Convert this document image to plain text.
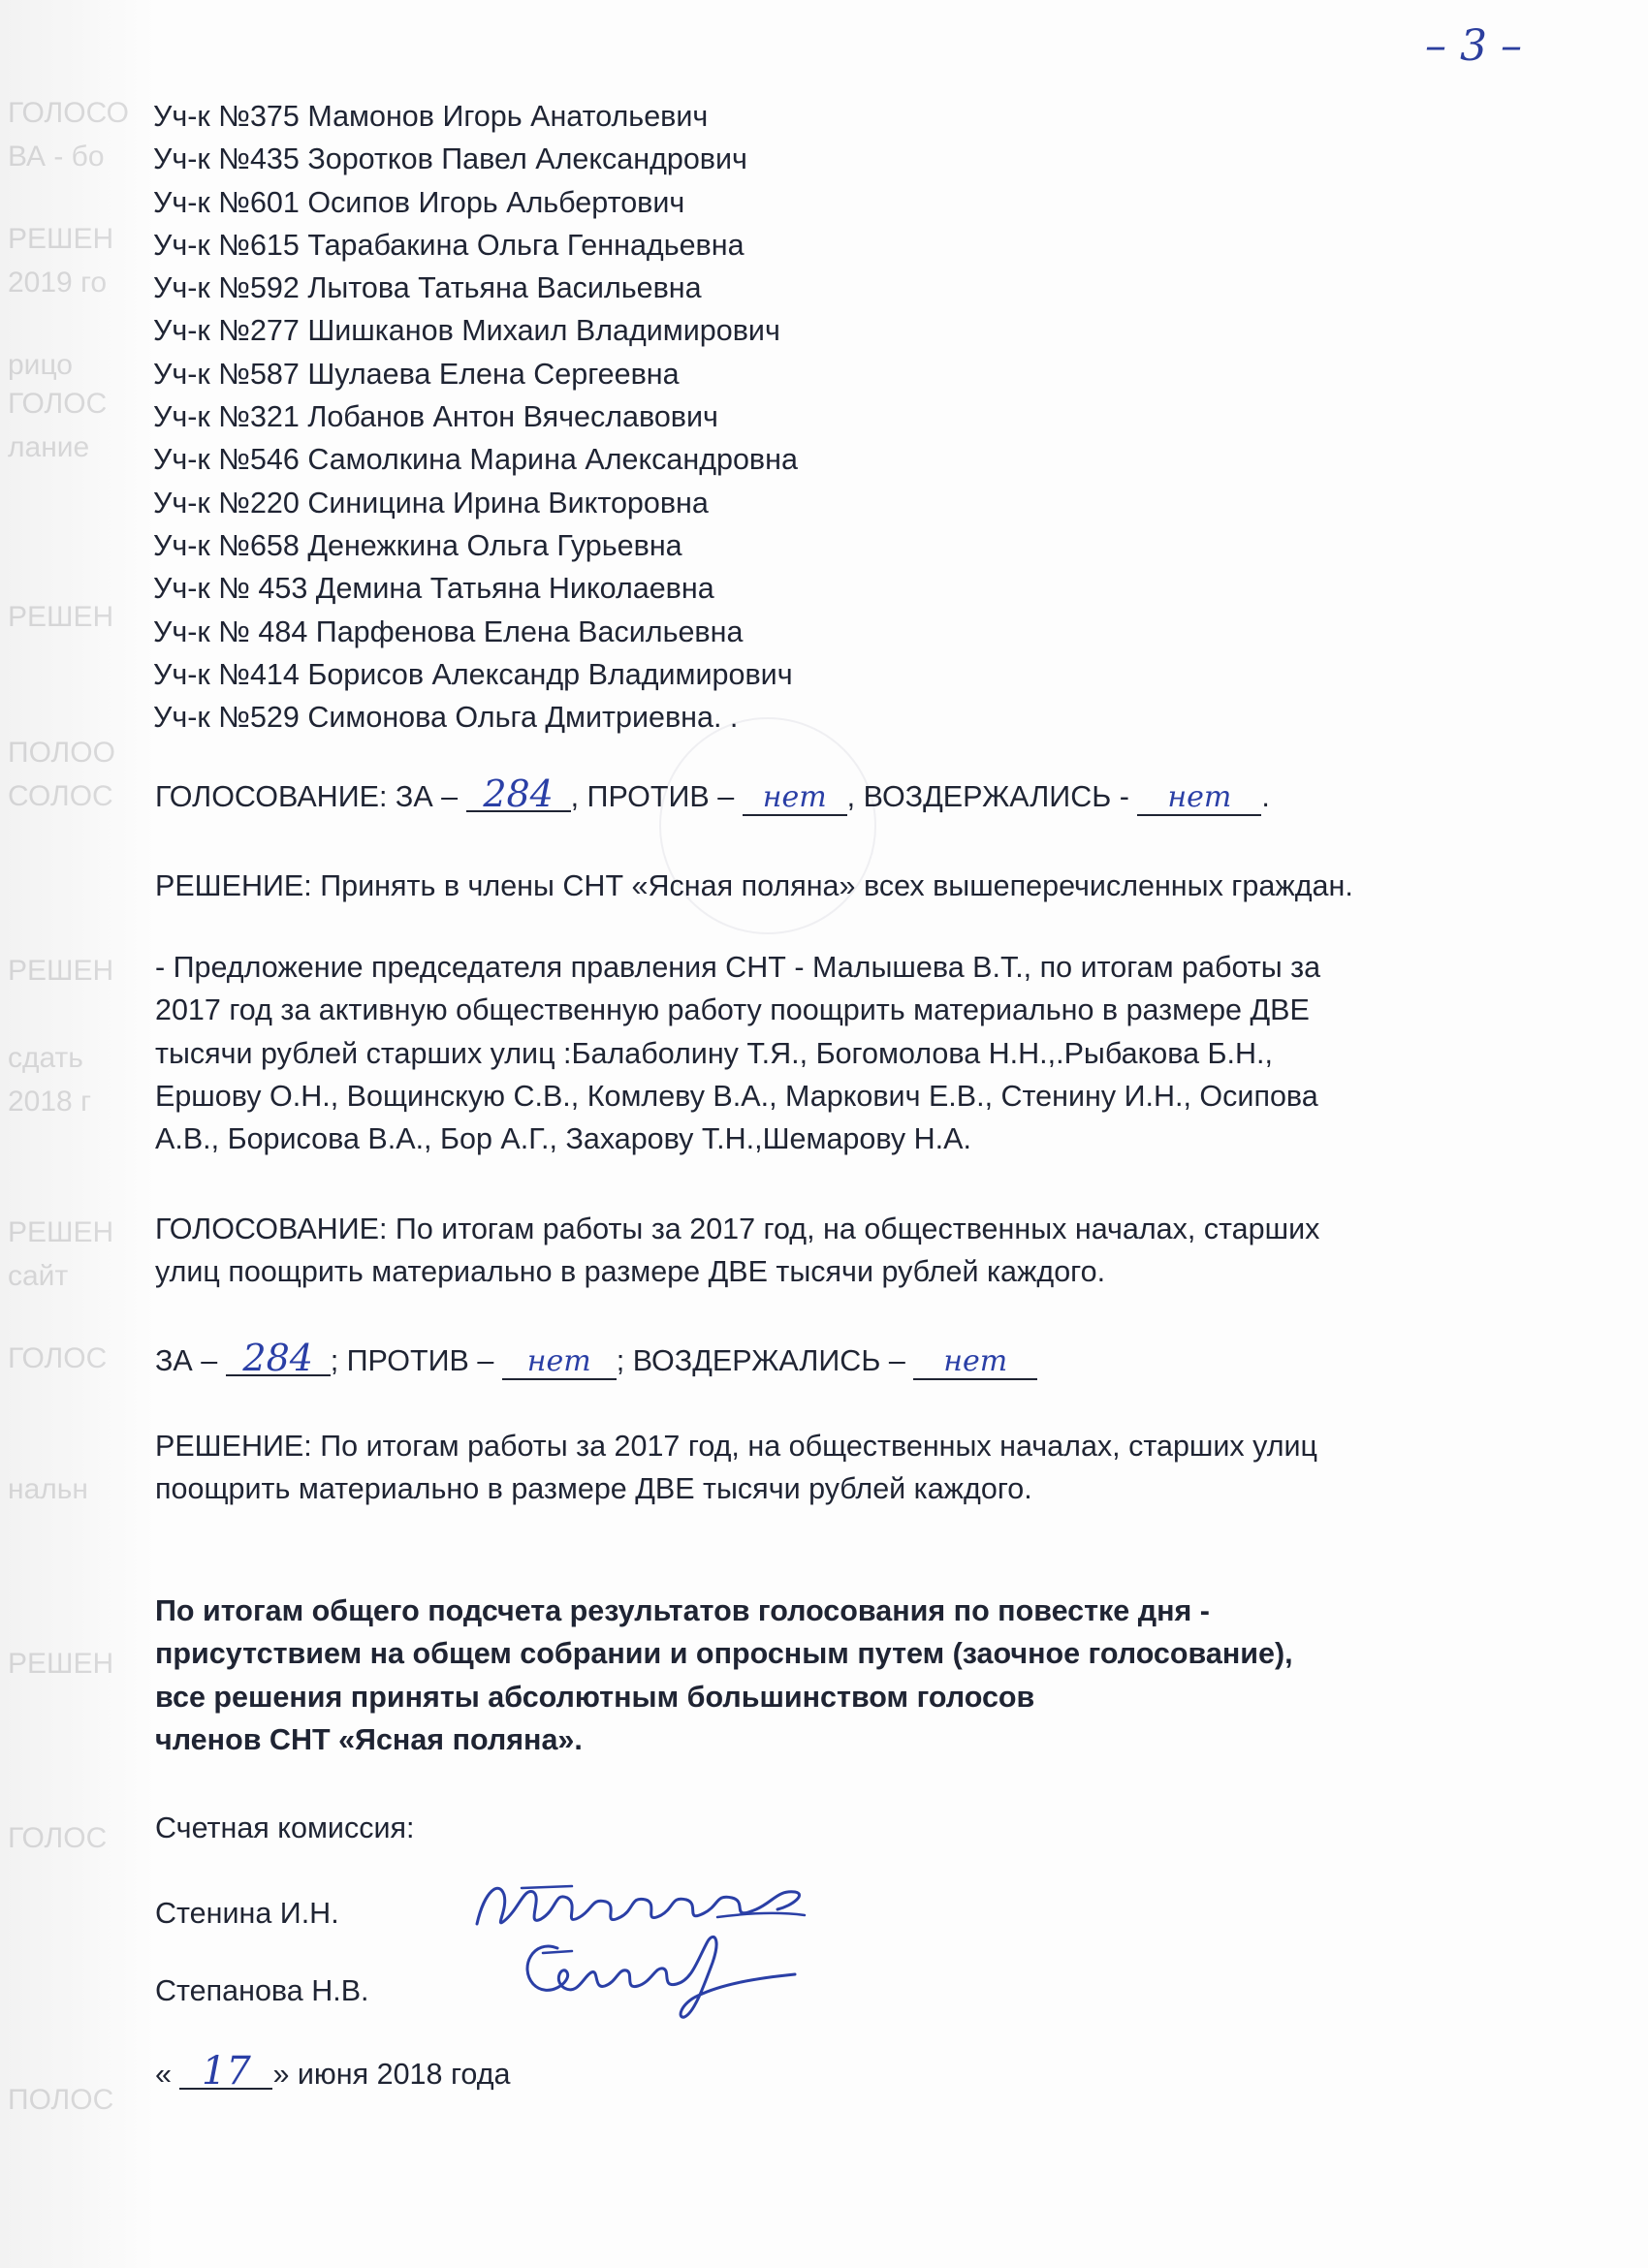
ГОЛОСО
ВА - бо
РЕШЕН
2019 го
рицо
ГОЛОС
лание
РЕШЕН
ПОЛОО
СОЛОС
РЕШЕН
сдать
2018 г
РЕШЕН
сайт
ГОЛОС
нальн
РЕШЕН
ГОЛОС
ПОЛОС
– 3 –
Уч-к №375 Мамонов Игорь Анатольевич
Уч-к №435 Зоротков Павел Александрович
Уч-к №601 Осипов Игорь Альбертович
Уч-к №615 Тарабакина Ольга Геннадьевна
Уч-к №592 Лытова Татьяна Васильевна
Уч-к №277 Шишканов Михаил Владимирович
Уч-к №587 Шулаева Елена Сергеевна
Уч-к №321 Лобанов Антон Вячеславович
Уч-к №546 Самолкина Марина Александровна
Уч-к №220 Синицина Ирина Викторовна
Уч-к №658 Денежкина Ольга Гурьевна
Уч-к № 453 Демина Татьяна Николаевна
Уч-к № 484 Парфенова Елена Васильевна
Уч-к №414 Борисов Александр Владимирович
Уч-к №529 Симонова Ольга Дмитриевна. .
ГОЛОСОВАНИЕ: ЗА – 284 , ПРОТИВ – нет , ВОЗДЕРЖАЛИСЬ - нет .
РЕШЕНИЕ: Принять в члены СНТ «Ясная поляна» всех вышеперечисленных граждан.
- Предложение председателя правления СНТ - Малышева В.Т., по итогам работы за
2017 год за активную общественную работу поощрить материально в размере ДВЕ
тысячи рублей старших улиц :Балаболину Т.Я., Богомолова Н.Н.,.Рыбакова Б.Н.,
Ершову О.Н., Вощинскую С.В., Комлеву В.А., Маркович Е.В., Стенину И.Н., Осипова
А.В., Борисова В.А., Бор А.Г., Захарову Т.Н.,Шемарову Н.А.
ГОЛОСОВАНИЕ: По итогам работы за 2017 год, на общественных началах, старших
улиц поощрить материально в размере ДВЕ тысячи рублей каждого.
ЗА – 284 ; ПРОТИВ – нет ; ВОЗДЕРЖАЛИСЬ – нет
РЕШЕНИЕ: По итогам работы за 2017 год, на общественных началах, старших улиц
поощрить материально в размере ДВЕ тысячи рублей каждого.
По итогам общего подсчета результатов голосования по повестке дня -
присутствием на общем собрании и опросным путем (заочное голосование),
все решения приняты абсолютным большинством голосов
членов СНТ «Ясная поляна».
Счетная комиссия:
Стенина И.Н.
Степанова Н.В.
« 17 » июня 2018 года
